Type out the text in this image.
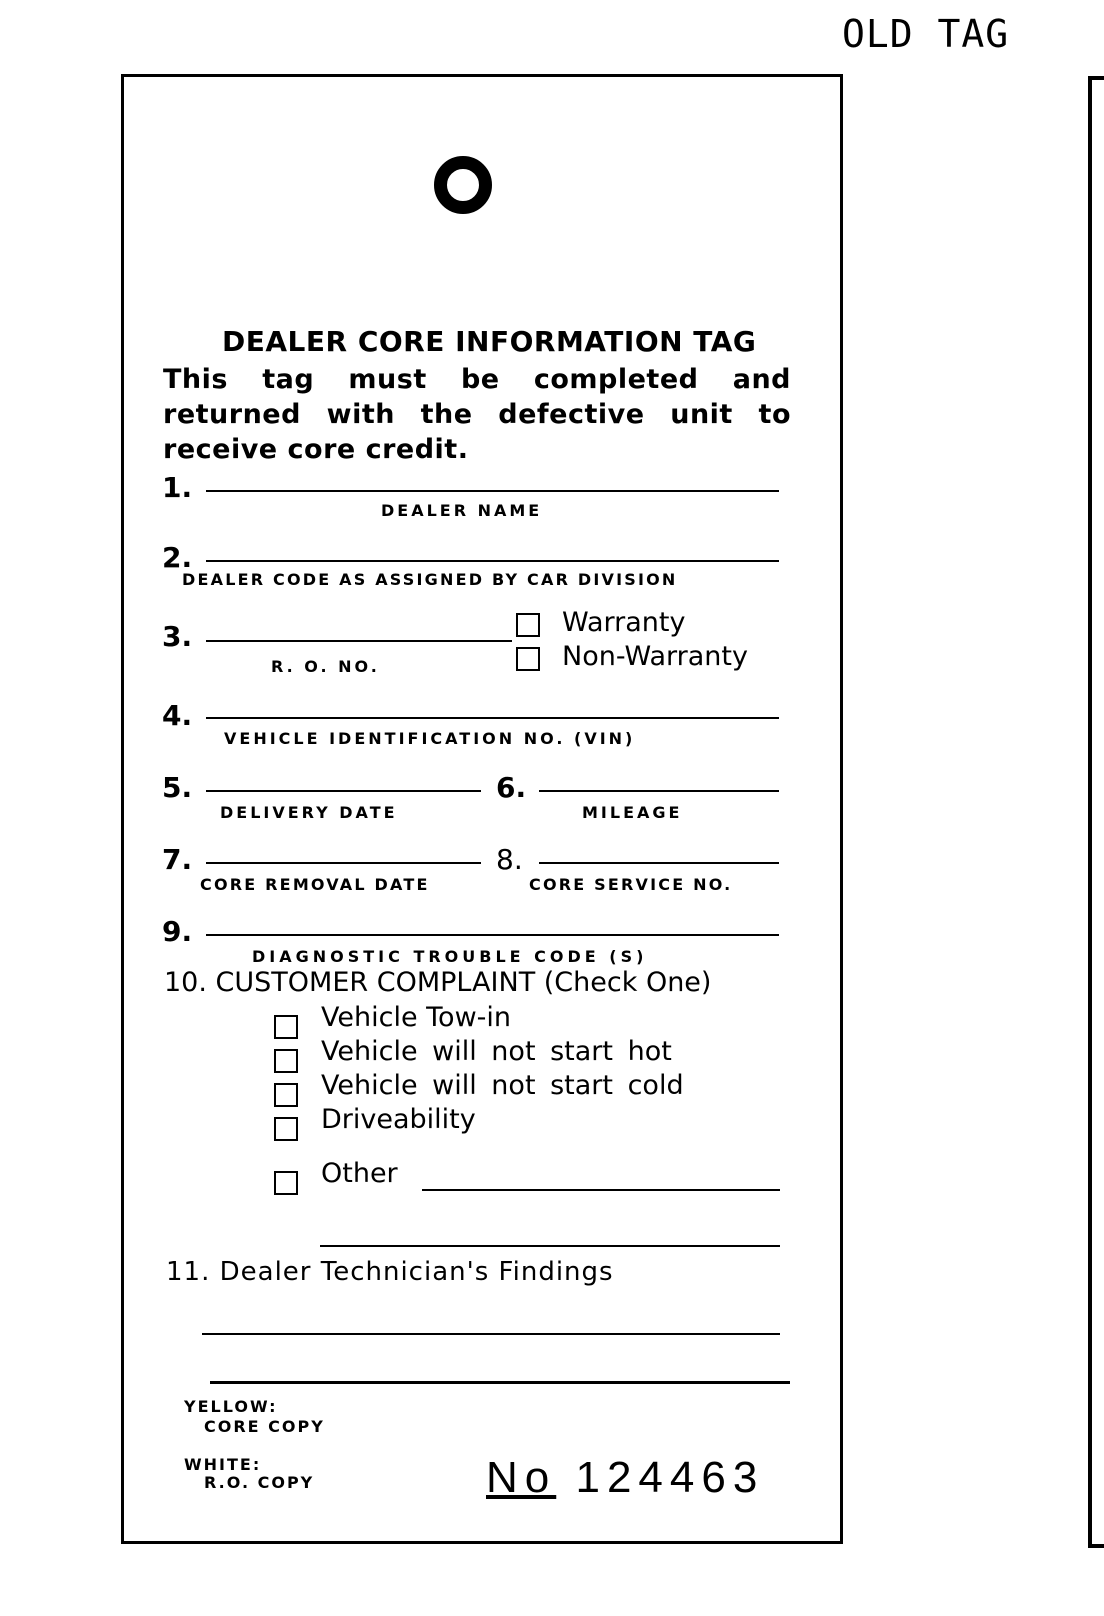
OLD TAG
DEALER CORE INFORMATION TAG
This tag must be completed and returned with the defective unit to receive core credit.
1.
DEALER NAME
2.
DEALER CODE AS ASSIGNED BY CAR DIVISION
3.
R. O. NO.
Warranty
Non-Warranty
4.
VEHICLE IDENTIFICATION NO. (VIN)
5.
DELIVERY DATE
6.
MILEAGE
7.
CORE REMOVAL DATE
8.
CORE SERVICE NO.
9.
DIAGNOSTIC TROUBLE CODE (S)
10. CUSTOMER COMPLAINT (Check One)
Vehicle Tow-in
Vehicle will not start hot
Vehicle will not start cold
Driveability
Other
11. Dealer Technician's Findings
YELLOW:
CORE COPY
WHITE:
R.O. COPY	No 124463
